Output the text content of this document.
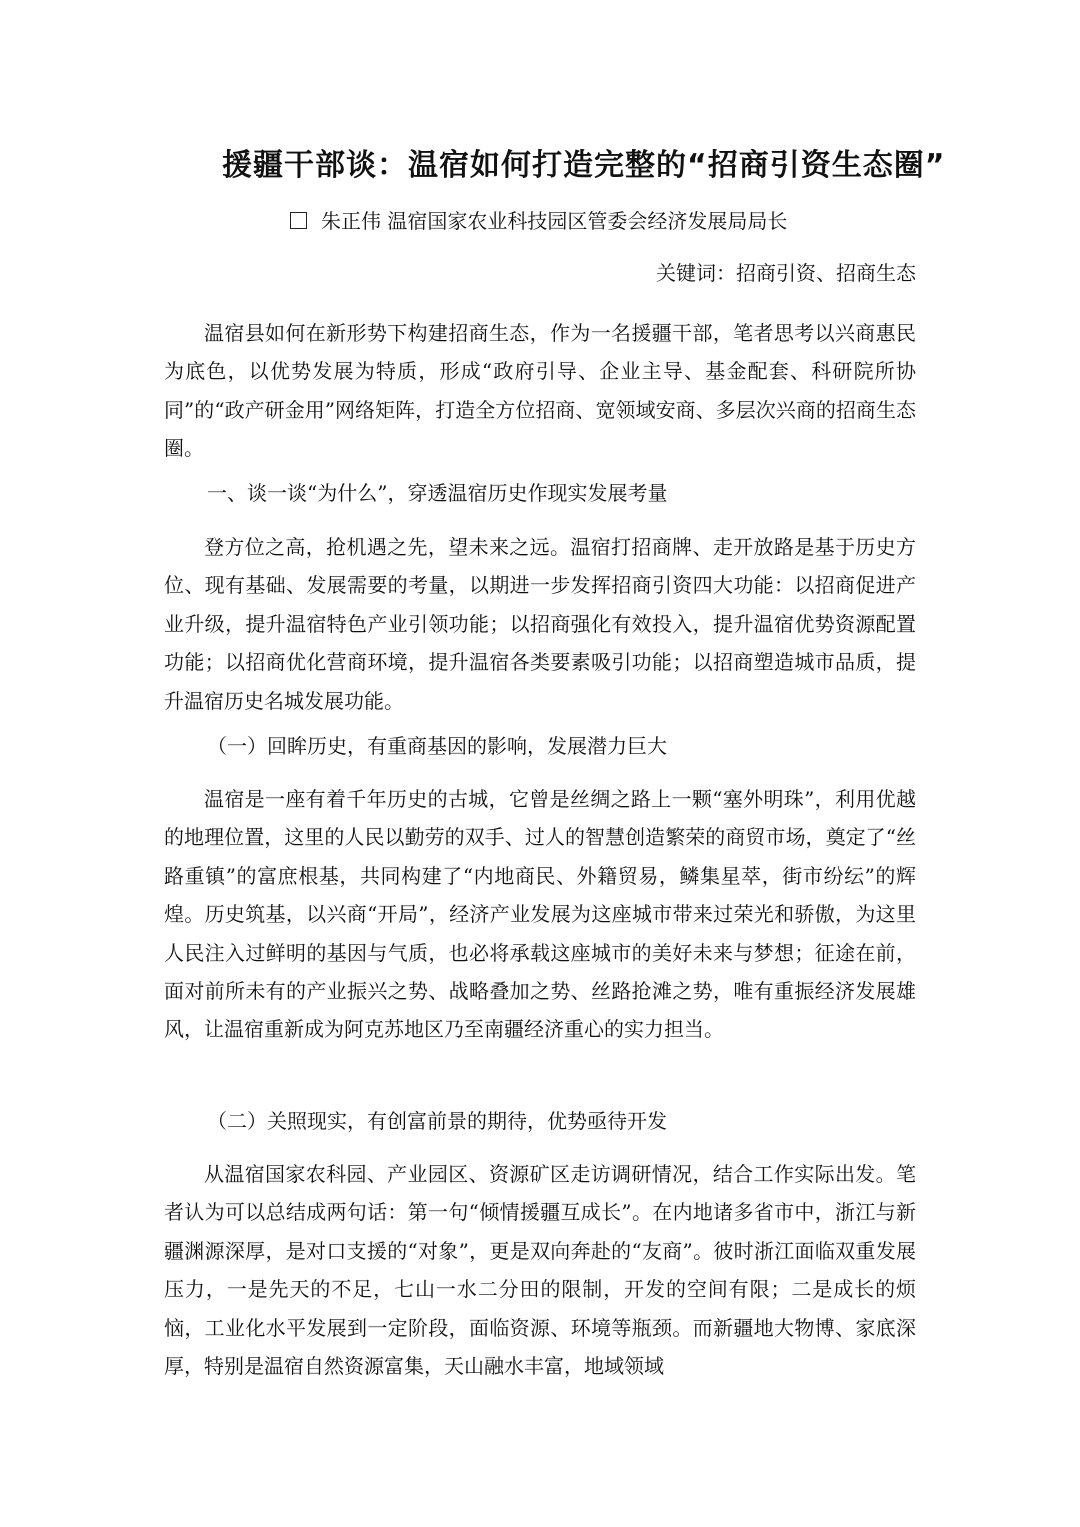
援疆干部谈：温宿如何打造完整的“招商引资生态圈”
朱正伟 温宿国家农业科技园区管委会经济发展局局长
关键词：招商引资、招商生态

温宿县如何在新形势下构建招商生态，作为一名援疆干部，笔者思考以兴商惠民为底色，以优势发展为特质，形成“政府引导、企业主导、基金配套、科研院所协同”的“政产研金用”网络矩阵，打造全方位招商、宽领域安商、多层次兴商的招商生态圈。

一、谈一谈“为什么”，穿透温宿历史作现实发展考量

登方位之高，抢机遇之先，望未来之远。温宿打招商牌、走开放路是基于历史方位、现有基础、发展需要的考量，以期进一步发挥招商引资四大功能：以招商促进产业升级，提升温宿特色产业引领功能；以招商强化有效投入，提升温宿优势资源配置功能；以招商优化营商环境，提升温宿各类要素吸引功能；以招商塑造城市品质，提升温宿历史名城发展功能。

（一）回眸历史，有重商基因的影响，发展潜力巨大

温宿是一座有着千年历史的古城，它曾是丝绸之路上一颗“塞外明珠”，利用优越的地理位置，这里的人民以勤劳的双手、过人的智慧创造繁荣的商贸市场，奠定了“丝路重镇”的富庶根基，共同构建了“内地商民、外籍贸易，鳞集星萃，街市纷纭”的辉煌。历史筑基，以兴商“开局”，经济产业发展为这座城市带来过荣光和骄傲，为这里人民注入过鲜明的基因与气质，也必将承载这座城市的美好未来与梦想；征途在前，面对前所未有的产业振兴之势、战略叠加之势、丝路抢滩之势，唯有重振经济发展雄风，让温宿重新成为阿克苏地区乃至南疆经济重心的实力担当。

（二）关照现实，有创富前景的期待，优势亟待开发

从温宿国家农科园、产业园区、资源矿区走访调研情况，结合工作实际出发。笔者认为可以总结成两句话：第一句“倾情援疆互成长”。在内地诸多省市中，浙江与新疆渊源深厚，是对口支援的“对象”，更是双向奔赴的“友商”。彼时浙江面临双重发展压力，一是先天的不足，七山一水二分田的限制，开发的空间有限；二是成长的烦恼，工业化水平发展到一定阶段，面临资源、环境等瓶颈。而新疆地大物博、家底深厚，特别是温宿自然资源富集，天山融水丰富，地域领域
